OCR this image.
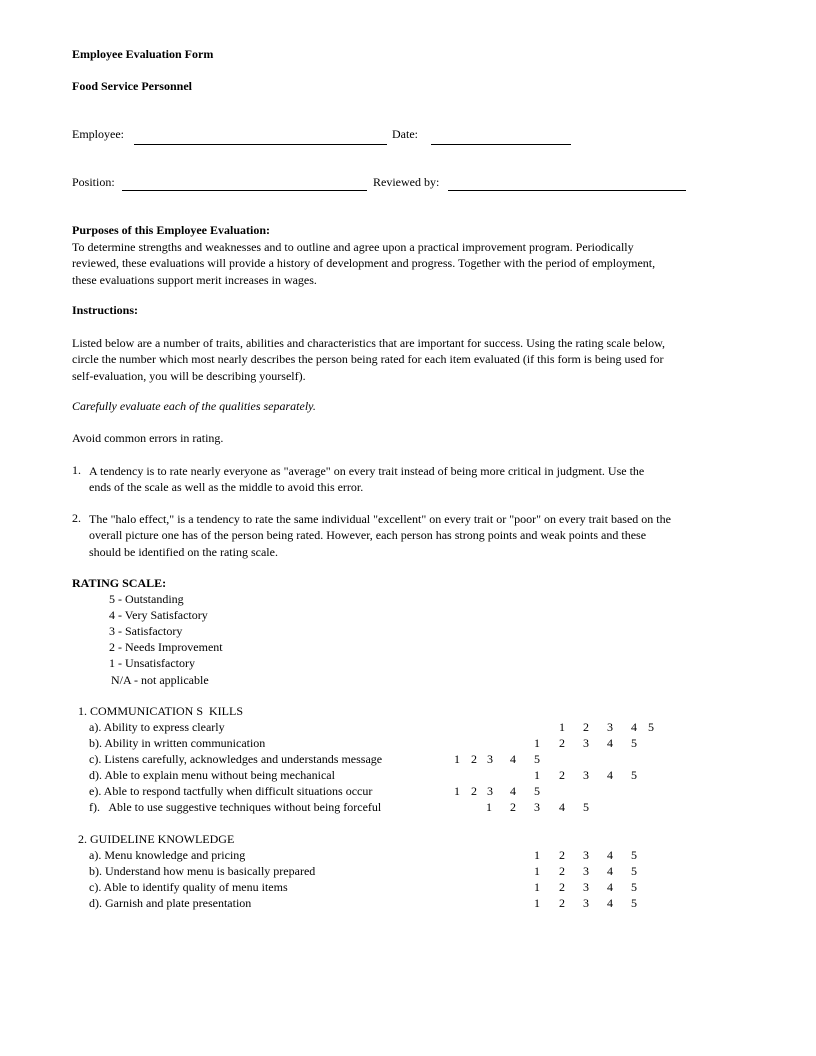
Employee Evaluation Form
Food Service Personnel
Employee:	Date:
Position:	Reviewed by:
Purposes of this Employee Evaluation:
To determine strengths and weaknesses and to outline and agree upon a practical improvement program. Periodically
reviewed, these evaluations will provide a history of development and progress. Together with the period of employment,
these evaluations support merit increases in wages.
Instructions:
Listed below are a number of traits, abilities and characteristics that are important for success. Using the rating scale below,
circle the number which most nearly describes the person being rated for each item evaluated (if this form is being used for
self-evaluation, you will be describing yourself).
Carefully evaluate each of the qualities separately.
Avoid common errors in rating.
1. A tendency is to rate nearly everyone as "average" on every trait instead of being more critical in judgment. Use the
ends of the scale as well as the middle to avoid this error.
2. The "halo effect," is a tendency to rate the same individual "excellent" on every trait or "poor" on every trait based on the
overall picture one has of the person being rated. However, each person has strong points and weak points and these
should be identified on the rating scale.
RATING SCALE:
5 - Outstanding
4 - Very Satisfactory
3 - Satisfactory
2 - Needs Improvement
1 - Unsatisfactory
N/A - not applicable
1. COMMUNICATION S  KILLS
a). Ability to express clearly
b). Ability in written communication
c). Listens carefully, acknowledges and understands message
d). Able to explain menu without being mechanical
e). Able to respond tactfully when difficult situations occur
f).   Able to use suggestive techniques without being forceful
2. GUIDELINE KNOWLEDGE
a). Menu knowledge and pricing
b). Understand how menu is basically prepared
c). Able to identify quality of menu items
d). Garnish and plate presentation
1 2 3 4 5
1 2 3 4 5
1 2 3 4 5
1 2 3 4 5
1 2 3 4 5
1 2 3 4 5
1 2 3 4 5
1 2 3 4 5
1 2 3 4 5
1 2 3 4 5
